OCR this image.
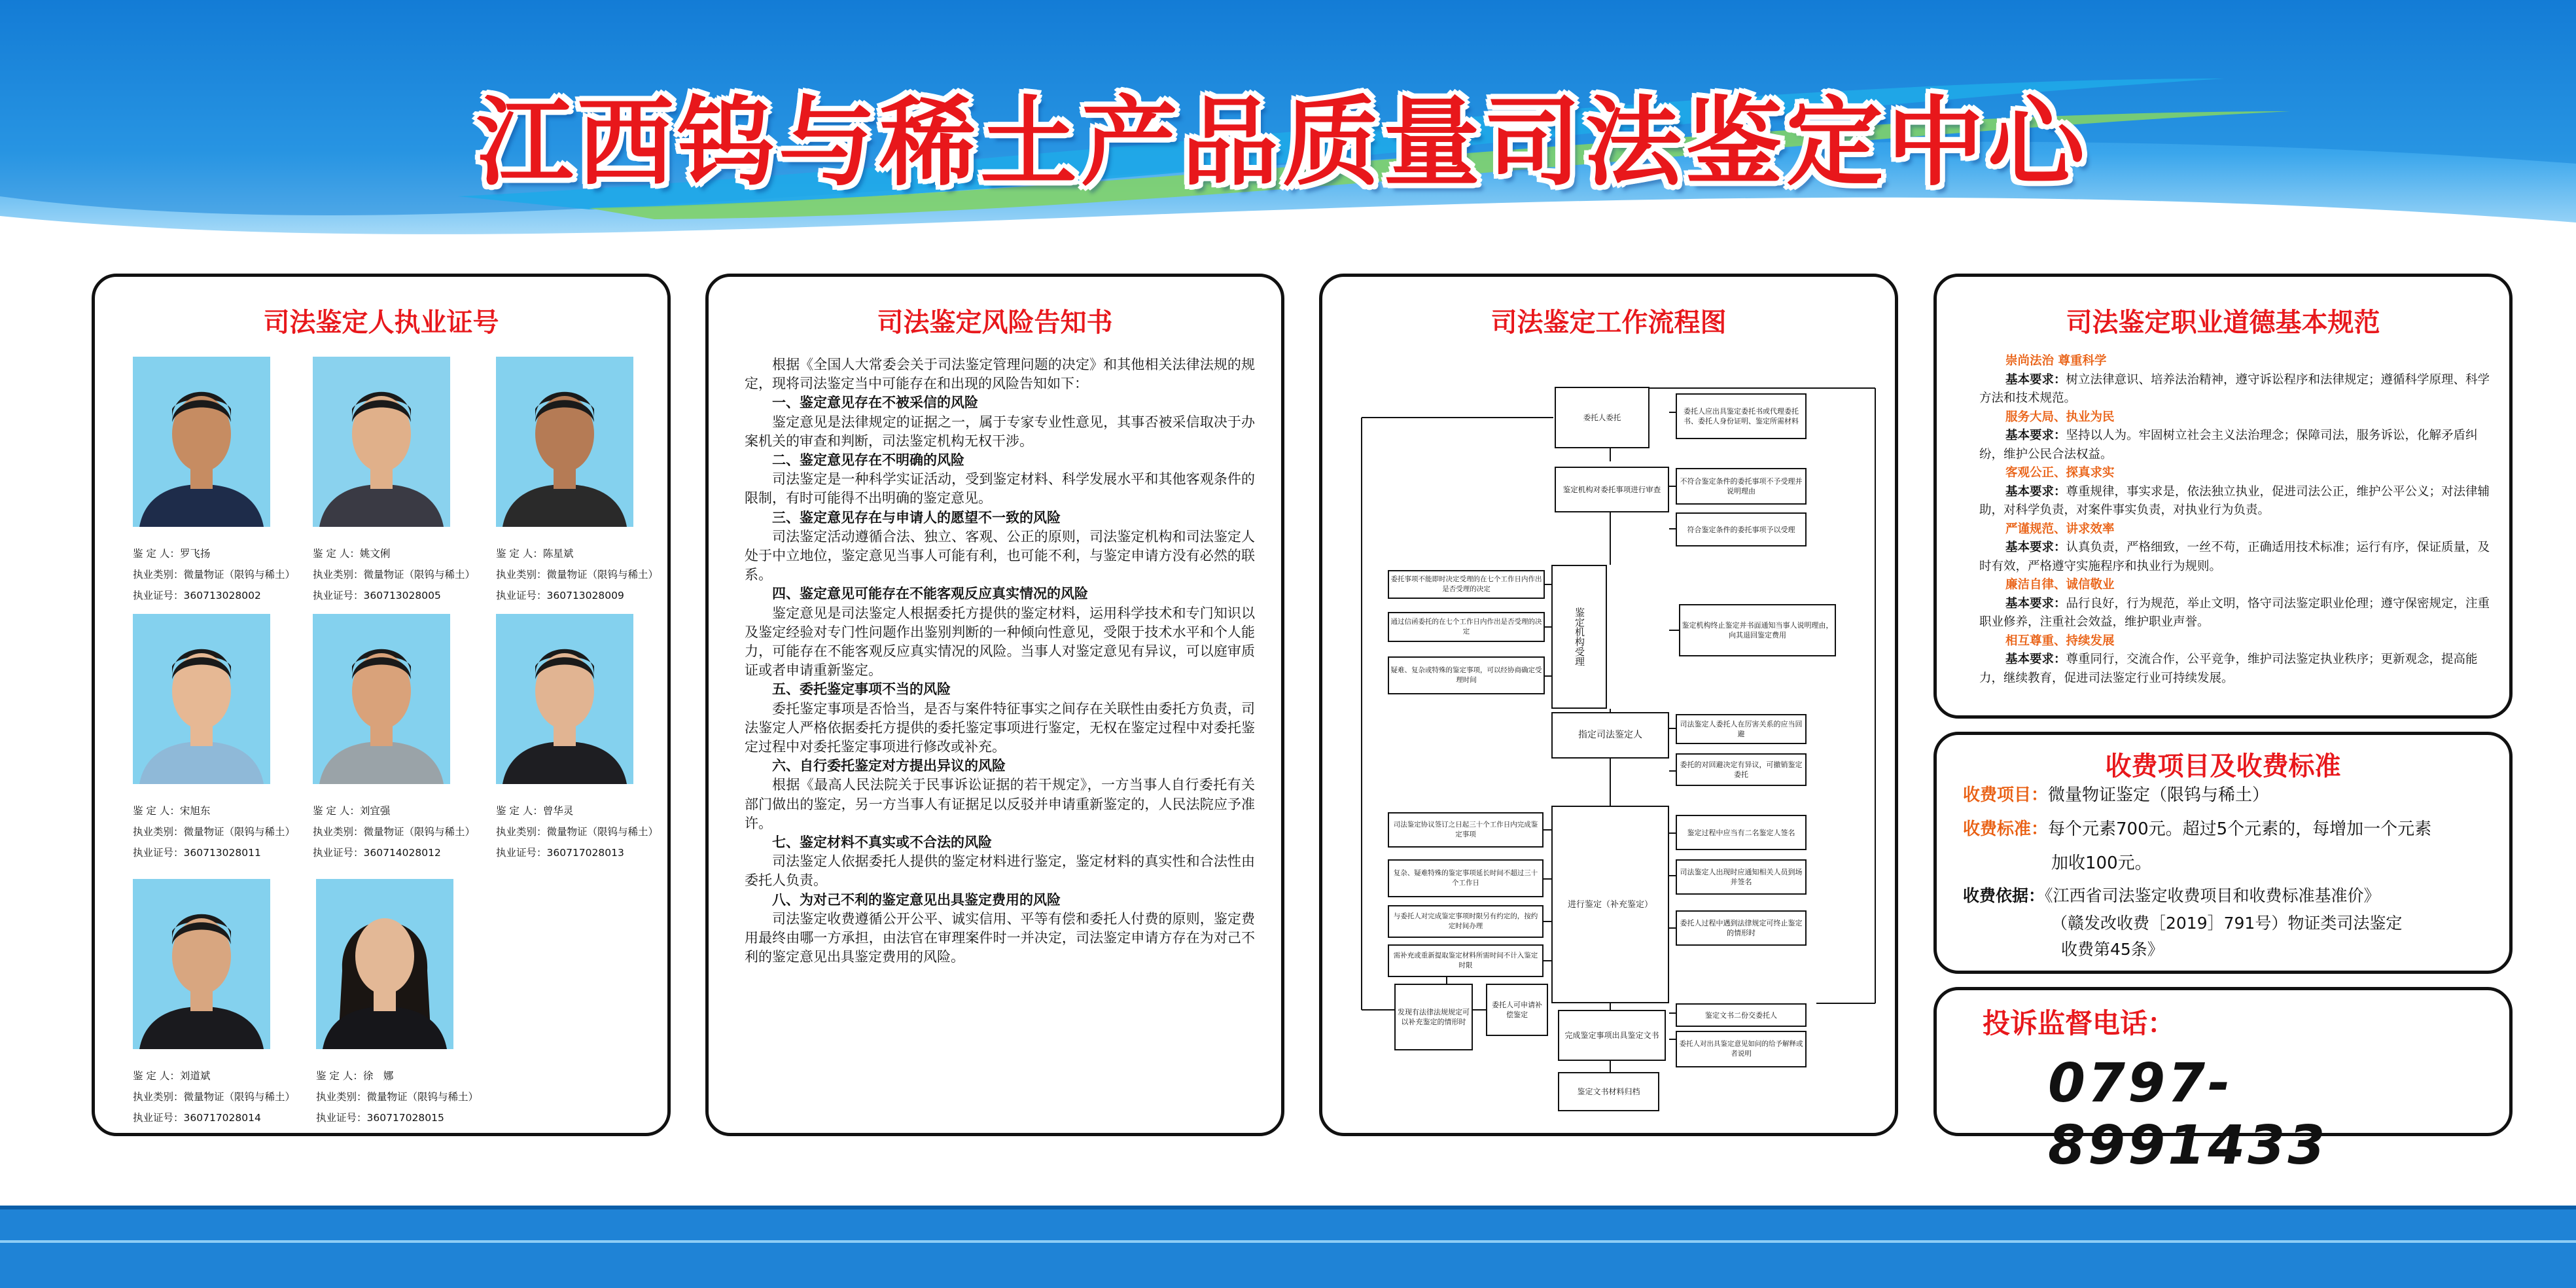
江西钨与稀土产品质量司法鉴定中心
司法鉴定人执业证号
鉴 定 人：罗飞扬
执业类别：微量物证（限钨与稀土）
执业证号：360713028002
鉴 定 人：姚文俐
执业类别：微量物证（限钨与稀土）
执业证号：360713028005
鉴 定 人：陈星斌
执业类别：微量物证（限钨与稀土）
执业证号：360713028009
鉴 定 人：宋旭东
执业类别：微量物证（限钨与稀土）
执业证号：360713028011
鉴 定 人：刘宜强
执业类别：微量物证（限钨与稀土）
执业证号：360714028012
鉴 定 人：曾华灵
执业类别：微量物证（限钨与稀土）
执业证号：360717028013
鉴 定 人：刘道斌
执业类别：微量物证（限钨与稀土）
执业证号：360717028014
鉴 定 人：徐　娜
执业类别：微量物证（限钨与稀土）
执业证号：360717028015
司法鉴定风险告知书

根据《全国人大常委会关于司法鉴定管理问题的决定》和其他相关法律法规的规定，现将司法鉴定当中可能存在和出现的风险告知如下：

一、鉴定意见存在不被采信的风险

鉴定意见是法律规定的证据之一，属于专家专业性意见，其事否被采信取决于办案机关的审查和判断，司法鉴定机构无权干涉。

二、鉴定意见存在不明确的风险

司法鉴定是一种科学实证活动，受到鉴定材料、科学发展水平和其他客观条件的限制，有时可能得不出明确的鉴定意见。

三、鉴定意见存在与申请人的愿望不一致的风险

司法鉴定活动遵循合法、独立、客观、公正的原则，司法鉴定机构和司法鉴定人处于中立地位，鉴定意见当事人可能有利，也可能不利，与鉴定申请方没有必然的联系。

四、鉴定意见可能存在不能客观反应真实情况的风险

鉴定意见是司法鉴定人根据委托方提供的鉴定材料，运用科学技术和专门知识以及鉴定经验对专门性问题作出鉴别判断的一种倾向性意见，受限于技术水平和个人能力，可能存在不能客观反应真实情况的风险。当事人对鉴定意见有异议，可以庭审质证或者申请重新鉴定。

五、委托鉴定事项不当的风险

委托鉴定事项是否恰当，是否与案件特征事实之间存在关联性由委托方负责，司法鉴定人严格依据委托方提供的委托鉴定事项进行鉴定，无权在鉴定过程中对委托鉴定过程中对委托鉴定事项进行修改或补充。

六、自行委托鉴定对方提出异议的风险

根据《最高人民法院关于民事诉讼证据的若干规定》，一方当事人自行委托有关部门做出的鉴定，另一方当事人有证据足以反驳并申请重新鉴定的，人民法院应予准许。

七、鉴定材料不真实或不合法的风险

司法鉴定人依据委托人提供的鉴定材料进行鉴定，鉴定材料的真实性和合法性由委托人负责。

八、为对己不利的鉴定意见出具鉴定费用的风险

司法鉴定收费遵循公开公平、诚实信用、平等有偿和委托人付费的原则，鉴定费用最终由哪一方承担，由法官在审理案件时一并决定，司法鉴定申请方存在为对己不利的鉴定意见出具鉴定费用的风险。

司法鉴定工作流程图
委托人委托
委托人应出具鉴定委托书或代理委托书、委托人身份证明、鉴定所需材料
鉴定机构对委托事项进行审查
不符合鉴定条件的委托事项不予受理并说明理由
符合鉴定条件的委托事项予以受理
鉴定机构受理
委托事项不能即时决定受理的在七个工作日内作出是否受理的决定
通过信函委托的在七个工作日内作出是否受理的决定
疑难、复杂或特殊的鉴定事项，可以经协商确定受理时间
鉴定机构终止鉴定并书面通知当事人说明理由，向其退回鉴定费用
指定司法鉴定人
司法鉴定人委托人在厉害关系的应当回避
委托的对回避决定有异议，可撤销鉴定委托
司法鉴定协议签订之日起三十个工作日内完成鉴定事项
复杂、疑难特殊的鉴定事项延长时间不超过三十个工作日
与委托人对完成鉴定事项时限另有约定的，按约定时间办理
需补充或重新提取鉴定材料所需时间不计入鉴定时限
进行鉴定（补充鉴定）
鉴定过程中应当有二名鉴定人签名
司法鉴定人出现时应通知相关人员到场并签名
委托人过程中遇到法律规定可终止鉴定的情形时
发现有法律法规规定可以补充鉴定的情形时
委托人可申请补偿鉴定
完成鉴定事项出具鉴定文书
鉴定文书二份交委托人
委托人对出具鉴定意见如问的给予解释或者说明
鉴定文书材料归档
司法鉴定职业道德基本规范
崇尚法治 尊重科学
基本要求：树立法律意识、培养法治精神，遵守诉讼程序和法律规定；遵循科学原理、科学方法和技术规范。
服务大局、执业为民
基本要求：坚持以人为。牢固树立社会主义法治理念；保障司法，服务诉讼，化解矛盾纠纷，维护公民合法权益。
客观公正、探真求实
基本要求：尊重规律，事实求是，依法独立执业，促进司法公正，维护公平公义；对法律辅助，对科学负责，对案件事实负责，对执业行为负责。
严谨规范、讲求效率
基本要求：认真负责，严格细致，一丝不苟，正确适用技术标准；运行有序，保证质量，及时有效，严格遵守实施程序和执业行为规则。
廉洁自律、诚信敬业
基本要求：品行良好，行为规范，举止文明，恪守司法鉴定职业伦理；遵守保密规定，注重职业修养，注重社会效益，维护职业声誉。
相互尊重、持续发展
基本要求：尊重同行，交流合作，公平竞争，维护司法鉴定执业秩序；更新观念，提高能力，继续教育，促进司法鉴定行业可持续发展。
收费项目及收费标准
收费项目：微量物证鉴定（限钨与稀土）
收费标准：每个元素700元。超过5个元素的，每增加一个元素
加收100元。
收费依据：《江西省司法鉴定收费项目和收费标准基准价》
（赣发改收费［2019］791号）物证类司法鉴定
收费第45条》
投诉监督电话：
0797-8991433
